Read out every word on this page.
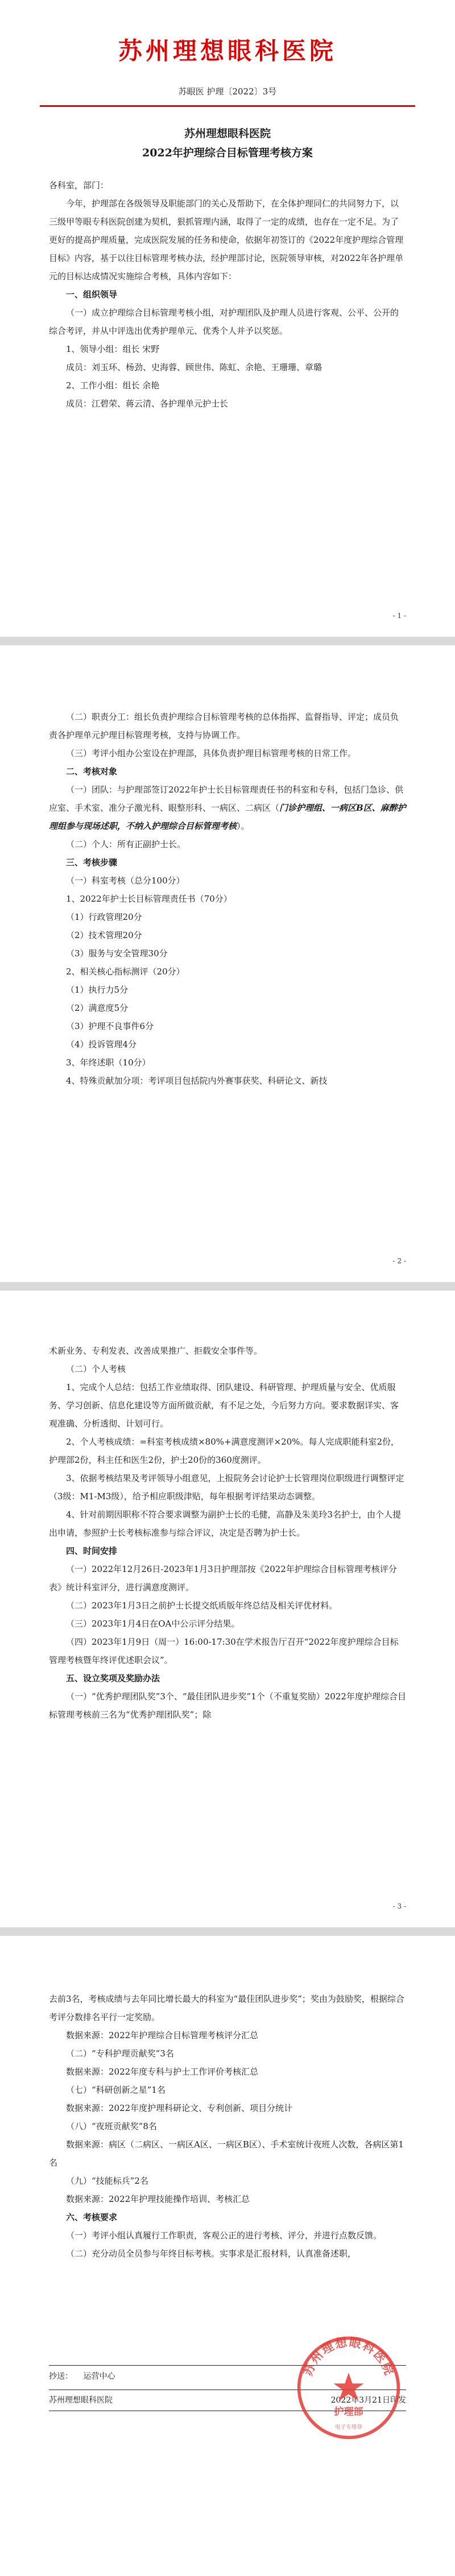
苏州理想眼科医院
苏眼医 护理〔2022〕3号
苏州理想眼科医院
2022年护理综合目标管理考核方案

各科室，部门：

今年，护理部在各级领导及职能部门的关心及帮助下，在全体护理同仁的共同努力下，以三级甲等眼专科医院创建为契机，狠抓管理内涵，取得了一定的成绩，也存在一定不足。为了更好的提高护理质量，完成医院发展的任务和使命，依据年初签订的《2022年度护理综合管理目标》内容，基于以往目标管理考核办法，经护理部讨论，医院领导审核，对2022年各护理单元的目标达成情况实施综合考核，具体内容如下：

一、组织领导

（一）成立护理综合目标管理考核小组，对护理团队及护理人员进行客观、公平、公开的综合考评，并从中评选出优秀护理单元、优秀个人并予以奖惩。

1、领导小组：组长 宋野

成员：刘玉环、杨劲、史海蓉、顾世伟、陈虹、余艳、王珊珊、章璐

2、工作小组：组长 余艳

成员：江碧荣、蒋云清、各护理单元护士长

- 1 -

（二）职责分工：组长负责护理综合目标管理考核的总体指挥、监督指导、评定；成员负责各护理单元护理目标管理考核，支持与协调工作。

（三）考评小组办公室设在护理部，具体负责护理目标管理考核的日常工作。

二、考核对象

（一）团队：与护理部签订2022年护士长目标管理责任书的科室和专科，包括门急诊、供应室、手术室、准分子激光科、眼整形科、一病区、二病区（门诊护理组、一病区B区、麻醉护理组参与现场述职，不纳入护理综合目标管理考核）。

（二）个人：所有正副护士长。

三、考核步骤

（一）科室考核（总分100分）

1、2022年护士长目标管理责任书（70分）

（1）行政管理20分

（2）技术管理20分

（3）服务与安全管理30分

2、相关核心指标测评（20分）

（1）执行力5分

（2）满意度5分

（3）护理不良事件6分

（4）投诉管理4分

3、年终述职（10分）

4、特殊贡献加分项：考评项目包括院内外赛事获奖、科研论文、新技

- 2 -

术新业务、专利发表、改善成果推广、拒载安全事件等。

（二）个人考核

1、完成个人总结：包括工作业绩取得、团队建设、科研管理、护理质量与安全、优质服务、学习创新、信息化建设等方面所做贡献，有不足之处，今后努力方向。要求数据详实、客观准确、分析透彻、计划可行。

2、个人考核成绩：=科室考核成绩×80%+满意度测评×20%。每人完成职能科室2份，护理部2份，科主任和医生2份，护士20份的360度测评。

3、依据考核结果及考评领导小组意见，上报院务会讨论护士长管理岗位职级进行调整评定（3级：M1-M3级），给予相应职级津贴，每年根据考评结果动态调整。

4、针对前期因职称不符合要求调整为副护士长的毛健，高静及朱美玲3名护士，由个人提出申请，参照护士长考核标准参与综合评议，决定是否聘为护士长。

四、时间安排

（一）2022年12月26日-2023年1月3日护理部按《2022年护理综合目标管理考核评分表》统计科室评分，进行满意度测评。

（二）2023年1月3日之前护士长提交纸质版年终总结及相关评优材料。

（三）2023年1月4日在OA中公示评分结果。

（四）2023年1月9日（周一）16:00-17:30在学术报告厅召开“2022年度护理综合目标管理考核暨年终评优述职会议”。

五、设立奖项及奖励办法

（一）“优秀护理团队奖”3个、“最佳团队进步奖”1个（不重复奖励）2022年度护理综合目标管理考核前三名为“优秀护理团队奖”；除

- 3 -

去前3名，考核成绩与去年同比增长最大的科室为“最佳团队进步奖”；奖由为鼓励奖，根据综合考评分数排名平行一定奖励。

数据来源：2022年护理综合目标管理考核评分汇总

（二）“专科护理贡献奖”3名

数据来源：2022年度专科与护士工作评价考核汇总

（七）“科研创新之星”1名

数据来源：2022年度护理科研论文、专利创新、项目分统计

（八）“夜班贡献奖”8名

数据来源：病区（二病区、一病区A区、一病区B区）、手术室统计夜班人次数，各病区第1名

（九）“技能标兵”2名

数据来源：2022年护理技能操作培训、考核汇总

六、考核要求

（一）考评小组认真履行工作职责，客观公正的进行考核、评分，并进行点数反馈。

（二）充分动员全员参与年终目标考核。实事求是汇报材料，认真准备述职，

抄送： 运营中心
苏州理想眼科医院	2022年3月21日印发
苏州理想眼科医院
护理部
电子专用章
